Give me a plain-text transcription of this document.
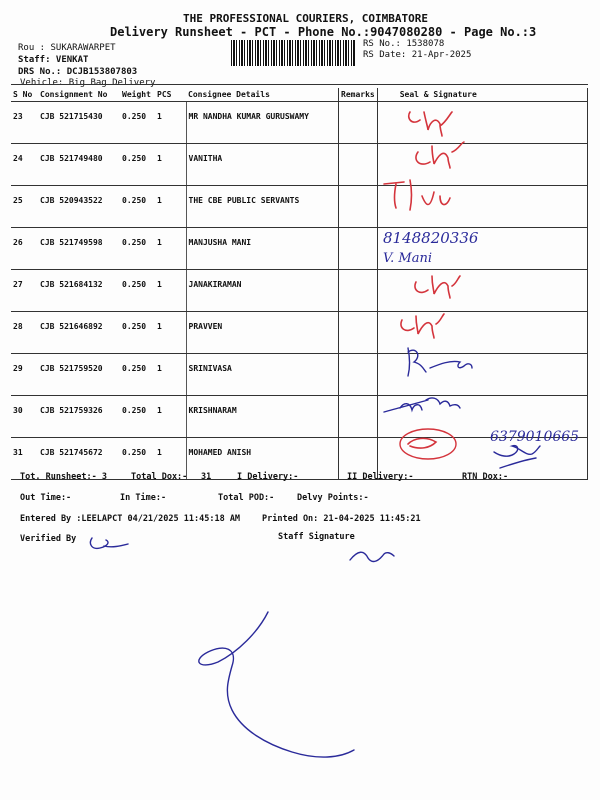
THE PROFESSIONAL COURIERS, COIMBATORE
Delivery Runsheet - PCT - Phone No.:9047080280 - Page No.:3
Rou : SUKARAWARPET
Staff: VENKAT
DRS No.: DCJB153807803
Vehicle: Big Bag Delivery
RS No.: 1538078
RS Date: 21-Apr-2025
S No	Consignment No	Weight	PCS	Consignee Details	Remarks	Seal & Signature
23	CJB 521715430	0.250	1	MR NANDHA KUMAR GURUSWAMY		
24	CJB 521749480	0.250	1	VANITHA		
25	CJB 520943522	0.250	1	THE CBE PUBLIC SERVANTS		
26	CJB 521749598	0.250	1	MANJUSHA MANI		
27	CJB 521684132	0.250	1	JANAKIRAMAN		
28	CJB 521646892	0.250	1	PRAVVEN		
29	CJB 521759520	0.250	1	SRINIVASA		
30	CJB 521759326	0.250	1	KRISHNARAM		
31	CJB 521745672	0.250	1	MOHAMED ANISH		
Tot. Runsheet:- 3	Total Dox:- 31	I Delivery:-	II Delivery:-	RTN Dox:-
Out Time:-	In Time:-	Total POD:-	Delvy Points:-
Entered By :LEELAPCT 04/21/2025 11:45:18 AM	Printed On: 21-04-2025 11:45:21
Verified By	Staff Signature
8148820336
V. Mani
6379010665
